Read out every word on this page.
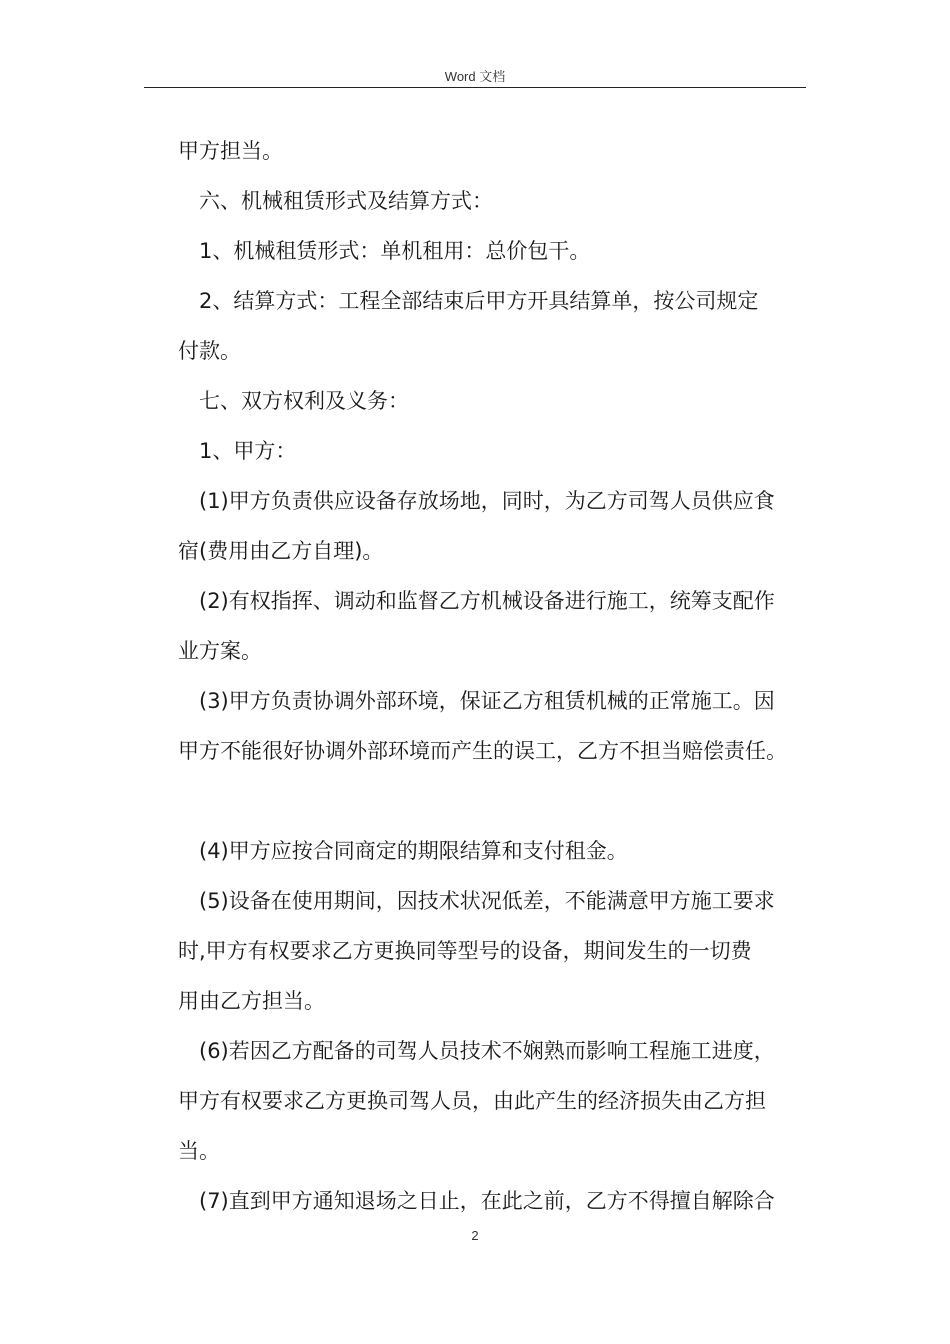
Word 文档
甲方担当。
六、机械租赁形式及结算方式：
1、机械租赁形式：单机租用：总价包干。
2、结算方式：工程全部结束后甲方开具结算单，按公司规定
付款。
七、双方权利及义务：
1、甲方：
(1)甲方负责供应设备存放场地，同时，为乙方司驾人员供应食
宿(费用由乙方自理)。
(2)有权指挥、调动和监督乙方机械设备进行施工，统筹支配作
业方案。
(3)甲方负责协调外部环境，保证乙方租赁机械的正常施工。因
甲方不能很好协调外部环境而产生的误工，乙方不担当赔偿责任。
(4)甲方应按合同商定的期限结算和支付租金。
(5)设备在使用期间，因技术状况低差，不能满意甲方施工要求
时,甲方有权要求乙方更换同等型号的设备，期间发生的一切费
用由乙方担当。
(6)若因乙方配备的司驾人员技术不娴熟而影响工程施工进度，
甲方有权要求乙方更换司驾人员，由此产生的经济损失由乙方担
当。
(7)直到甲方通知退场之日止，在此之前，乙方不得擅自解除合
2
